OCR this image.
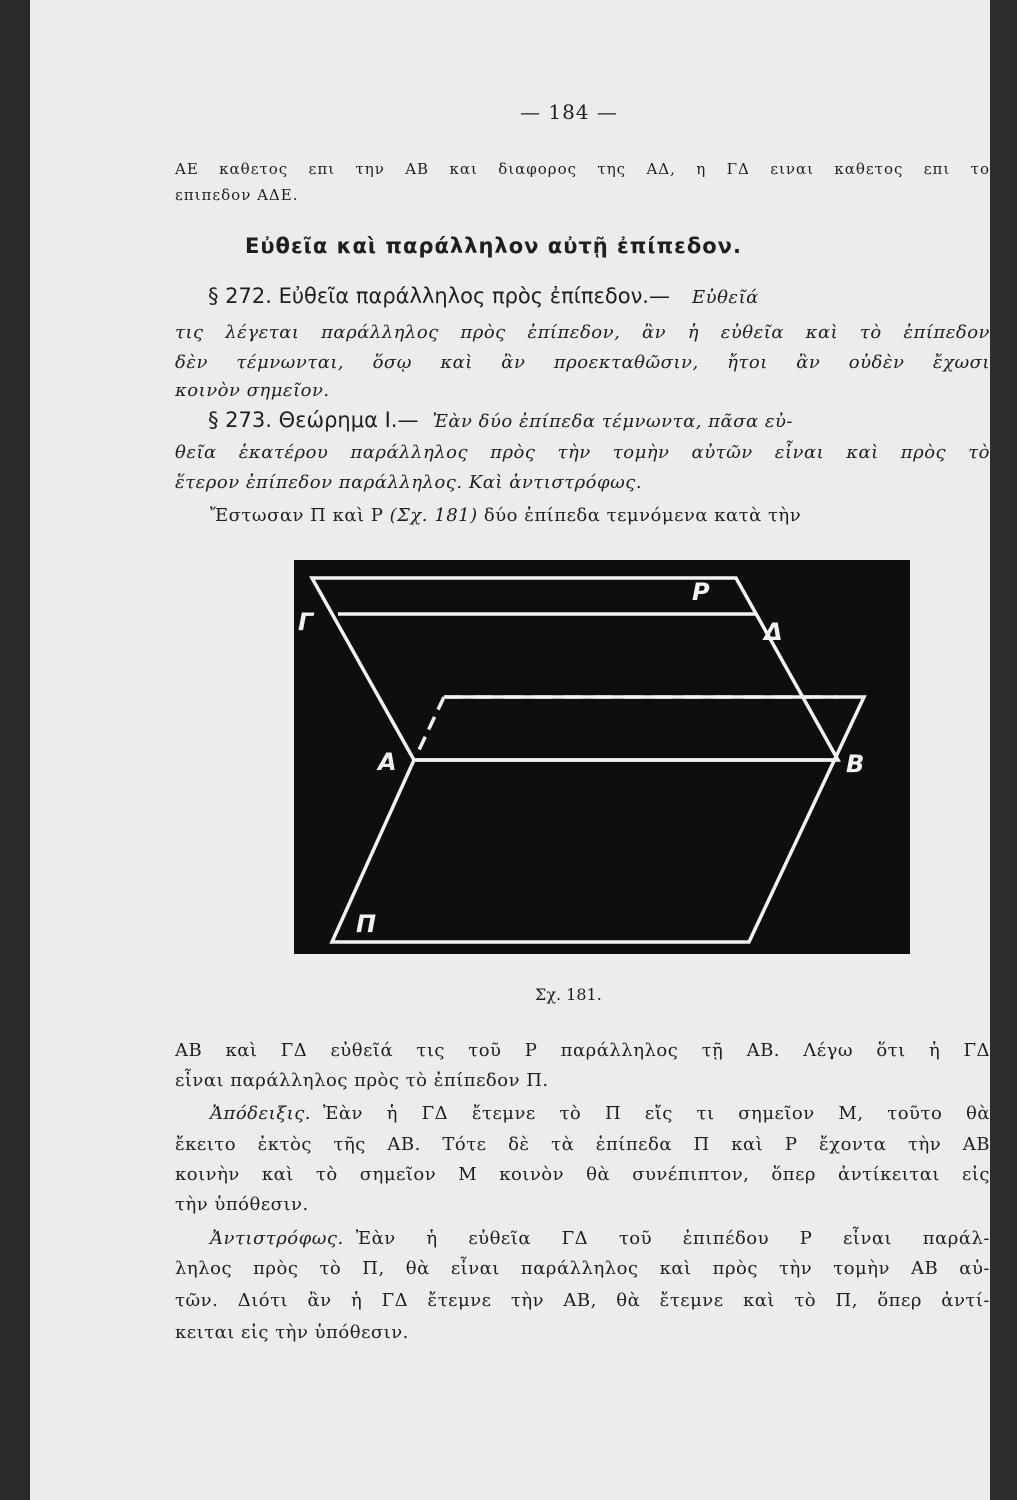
— 184 —
ΑΕ καθετος επι την ΑΒ και διαφορος της ΑΔ, η ΓΔ ειναι καθετος επι το
επιπεδον ΑΔΕ.
Εὐθεῖα καὶ παράλληλον αὐτῇ ἐπίπεδον.
§ 272. Εὐθεῖα παράλληλος πρὸς ἐπίπεδον.— Εὐθεῖά
τις λέγεται παράλληλος πρὸς ἐπίπεδον, ἂν ἡ εὐθεῖα καὶ τὸ ἐπίπεδον
δὲν τέμνωνται, ὅσῳ καὶ ἂν προεκταθῶσιν, ἤτοι ἂν οὐδὲν ἔχωσι
κοινὸν σημεῖον.
§ 273. Θεώρημα Ι.— Ἐὰν δύο ἐπίπεδα τέμνωντα, πᾶσα εὐ-
θεῖα ἑκατέρου παράλληλος πρὸς τὴν τομὴν αὐτῶν εἶναι καὶ πρὸς τὸ
ἕτερον ἐπίπεδον παράλληλος. Καὶ ἀντιστρόφως.
Ἔστωσαν Π καὶ Ρ (Σχ. 181) δύο ἐπίπεδα τεμνόμενα κατὰ τὴν
Ρ
Δ
Γ
Α	Β
Π
Σχ. 181.
ΑΒ καὶ ΓΔ εὐθεῖά τις τοῦ Ρ παράλληλος τῇ ΑΒ. Λέγω ὅτι ἡ ΓΔ
εἶναι παράλληλος πρὸς τὸ ἐπίπεδον Π.
Ἀπόδειξις. Ἐὰν ἡ ΓΔ ἔτεμνε τὸ Π εἴς τι σημεῖον Μ, τοῦτο θὰ
ἔκειτο ἐκτὸς τῆς ΑΒ. Τότε δὲ τὰ ἐπίπεδα Π καὶ Ρ ἔχοντα τὴν ΑΒ
κοινὴν καὶ τὸ σημεῖον Μ κοινὸν θὰ συνέπιπτον, ὅπερ ἀντίκειται εἰς
τὴν ὑπόθεσιν.
Ἀντιστρόφως. Ἐὰν ἡ εὐθεῖα ΓΔ τοῦ ἐπιπέδου Ρ εἶναι παράλ-
ληλος πρὸς τὸ Π, θὰ εἶναι παράλληλος καὶ πρὸς τὴν τομὴν ΑΒ αὐ-
τῶν. Διότι ἂν ἡ ΓΔ ἔτεμνε τὴν ΑΒ, θὰ ἔτεμνε καὶ τὸ Π, ὅπερ ἀντί-
κειται εἰς τὴν ὑπόθεσιν.
